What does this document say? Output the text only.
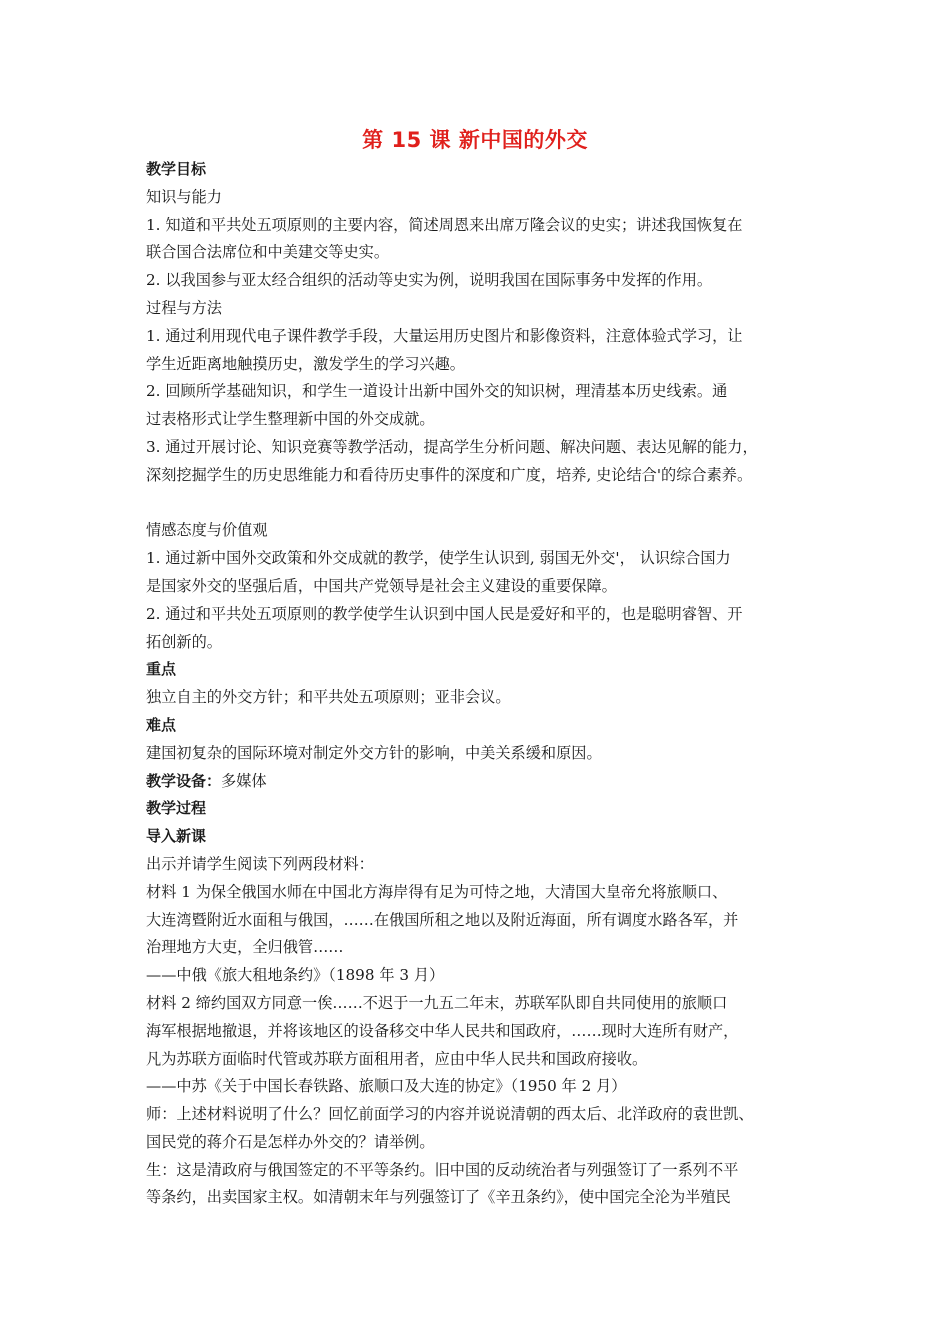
第 15 课 新中国的外交
教学目标
知识与能力
1. 知道和平共处五项原则的主要内容，简述周恩来出席万隆会议的史实；讲述我国恢复在
联合国合法席位和中美建交等史实。
2. 以我国参与亚太经合组织的活动等史实为例，说明我国在国际事务中发挥的作用。
过程与方法
1. 通过利用现代电子课件教学手段，大量运用历史图片和影像资料，注意体验式学习，让
学生近距离地触摸历史，激发学生的学习兴趣。
2. 回顾所学基础知识，和学生一道设计出新中国外交的知识树，理清基本历史线索。通
过表格形式让学生整理新中国的外交成就。
3. 通过开展讨论、知识竞赛等教学活动，提高学生分析问题、解决问题、表达见解的能力，
深刻挖掘学生的历史思维能力和看待历史事件的深度和广度，培养, 史论结合'的综合素养。
情感态度与价值观
1. 通过新中国外交政策和外交成就的教学，使学生认识到, 弱国无外交'， 认识综合国力
是国家外交的坚强后盾，中国共产党领导是社会主义建设的重要保障。
2. 通过和平共处五项原则的教学使学生认识到中国人民是爱好和平的，也是聪明睿智、开
拓创新的。
重点
独立自主的外交方针；和平共处五项原则；亚非会议。
难点
建国初复杂的国际环境对制定外交方针的影响，中美关系缓和原因。
教学设备：多媒体
教学过程
导入新课
出示并请学生阅读下列两段材料：
材料 1 为保全俄国水师在中国北方海岸得有足为可恃之地，大清国大皇帝允将旅顺口、
大连湾暨附近水面租与俄国，……在俄国所租之地以及附近海面，所有调度水路各军，并
治理地方大吏，全归俄管……
——中俄《旅大租地条约》（1898 年 3 月）
材料 2 缔约国双方同意一俟……不迟于一九五二年末，苏联军队即自共同使用的旅顺口
海军根据地撤退，并将该地区的设备移交中华人民共和国政府，……现时大连所有财产，
凡为苏联方面临时代管或苏联方面租用者，应由中华人民共和国政府接收。
——中苏《关于中国长春铁路、旅顺口及大连的协定》（1950 年 2 月）
师：上述材料说明了什么？回忆前面学习的内容并说说清朝的西太后、北洋政府的袁世凯、
国民党的蒋介石是怎样办外交的？请举例。
生：这是清政府与俄国签定的不平等条约。旧中国的反动统治者与列强签订了一系列不平
等条约，出卖国家主权。如清朝末年与列强签订了《辛丑条约》，使中国完全沦为半殖民
